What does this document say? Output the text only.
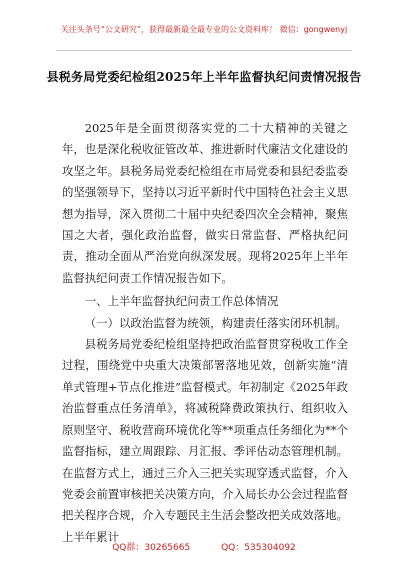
关注头条号“公文研究”，获得最新最全最专业的公文资料库！ 微信：gongwenyj
县税务局党委纪检组2025年上半年监督执纪问责情况报告

2025年是全面贯彻落实党的二十大精神的关键之年，也是深化税收征管改革、推进新时代廉洁文化建设的攻坚之年。县税务局党委纪检组在市局党委和县纪委监委的坚强领导下，坚持以习近平新时代中国特色社会主义思想为指导，深入贯彻二十届中央纪委四次全会精神，聚焦国之大者，强化政治监督，做实日常监督、严格执纪问责，推动全面从严治党向纵深发展。现将2025年上半年监督执纪问责工作情况报告如下。

一、上半年监督执纪问责工作总体情况

（一）以政治监督为统领，构建责任落实闭环机制。

县税务局党委纪检组坚持把政治监督贯穿税收工作全过程，围绕党中央重大决策部署落地见效，创新实施“清单式管理+节点化推进”监督模式。年初制定《2025年政治监督重点任务清单》，将减税降费政策执行、组织收入原则坚守、税收营商环境优化等**项重点任务细化为**个监督指标，建立周跟踪、月汇报、季评估动态管理机制。在监督方式上，通过三介入三把关实现穿透式监督，介入党委会前置审核把关决策方向，介入局长办公会过程监督把关程序合规，介入专题民主生活会整改把关成效落地。上半年累计

QQ群：30265665	QQ：535304092
